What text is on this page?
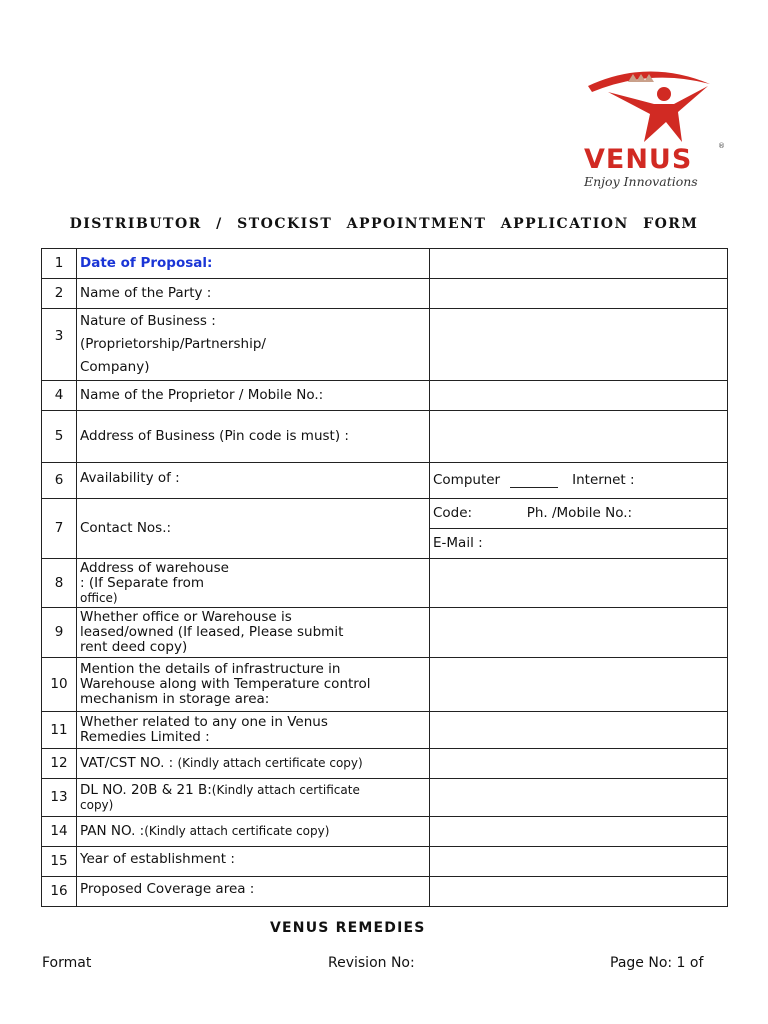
VENUS	®
Enjoy Innovations
DISTRIBUTOR / STOCKIST APPOINTMENT APPLICATION FORM
1	Date of Proposal:	
2	Name of the Party :	
3	Nature of Business :
(Proprietorship/Partnership/
Company)	

4	Name of the Proprietor / Mobile No.:	
5	Address of Business (Pin code is must) :	
6	Availability of :	Computer Internet :
7	Contact Nos.:	Code: Ph. /Mobile No.:
		E-Mail :
8	Address of warehouse
: (If Separate from
office)	

9	Whether office or Warehouse is
leased/owned (If leased, Please submit
rent deed copy)	

10	Mention the details of infrastructure in
Warehouse along with Temperature control
mechanism in storage area:	

11	Whether related to any one in Venus
Remedies Limited :	

12	VAT/CST NO. : (Kindly attach certificate copy)	
13	DL NO. 20B & 21 B:(Kindly attach certificate
copy)	

14	PAN NO. :(Kindly attach certificate copy)	
15	Year of establishment :	
16	Proposed Coverage area :	
VENUS REMEDIES
Format	Revision No:	Page No: 1 of
